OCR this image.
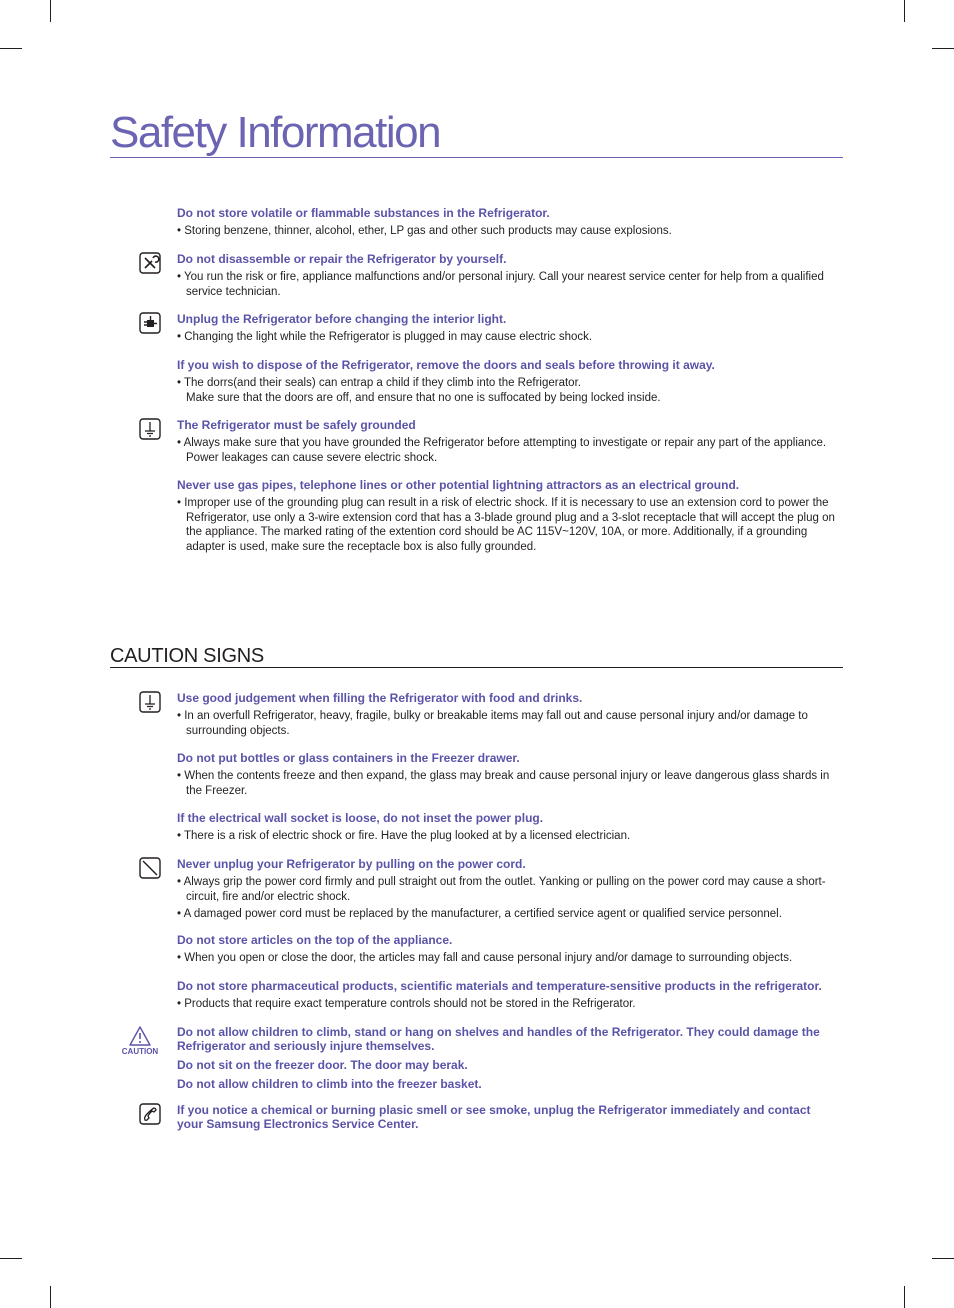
Safety Information

Do not store volatile or flammable substances in the Refrigerator.

• Storing benzene, thinner, alcohol, ether, LP gas and other such products may cause explosions.

Do not disassemble or repair the Refrigerator by yourself.

• You run the risk or fire, appliance malfunctions and/or personal injury. Call your nearest service center for help from a qualified service technician.

Unplug the Refrigerator before changing the interior light.

• Changing the light while the Refrigerator is plugged in may cause electric shock.

If you wish to dispose of the Refrigerator, remove the doors and seals before throwing it away.

• The dorrs(and their seals) can entrap a child if they climb into the Refrigerator.

Make sure that the doors are off, and ensure that no one is suffocated by being locked inside.

The Refrigerator must be safely grounded

• Always make sure that you have grounded the Refrigerator before attempting to investigate or repair any part of the appliance. Power leakages can cause severe electric shock.

Never use gas pipes, telephone lines or other potential lightning attractors as an electrical ground.

• Improper use of the grounding plug can result in a risk of electric shock. If it is necessary to use an extension cord to power the Refrigerator, use only a 3-wire extension cord that has a 3-blade ground plug and a 3-slot receptacle that will accept the plug on the appliance. The marked rating of the extention cord should be AC 115V~120V, 10A, or more. Additionally, if a grounding adapter is used, make sure the receptacle box is also fully grounded.

CAUTION SIGNS

Use good judgement when filling the Refrigerator with food and drinks.

• In an overfull Refrigerator, heavy, fragile, bulky or breakable items may fall out and cause personal injury and/or damage to surrounding objects.

Do not put bottles or glass containers in the Freezer drawer.

• When the contents freeze and then expand, the glass may break and cause personal injury or leave dangerous glass shards in the Freezer.

If the electrical wall socket is loose, do not inset the power plug.

• There is a risk of electric shock or fire. Have the plug looked at by a licensed electrician.

Never unplug your Refrigerator by pulling on the power cord.

• Always grip the power cord firmly and pull straight out from the outlet. Yanking or pulling on the power cord may cause a short-circuit, fire and/or electric shock.

• A damaged power cord must be replaced by the manufacturer, a certified service agent or qualified service personnel.

Do not store articles on the top of the appliance.

• When you open or close the door, the articles may fall and cause personal injury and/or damage to surrounding objects.

Do not store pharmaceutical products, scientific materials and temperature-sensitive products in the refrigerator.

• Products that require exact temperature controls should not be stored in the Refrigerator.

CAUTION

Do not allow children to climb, stand or hang on shelves and handles of the Refrigerator. They could damage the Refrigerator and seriously injure themselves.

Do not sit on the freezer door. The door may berak.

Do not allow children to climb into the freezer basket.

If you notice a chemical or burning plasic smell or see smoke, unplug the Refrigerator immediately and contact your Samsung Electronics Service Center.
